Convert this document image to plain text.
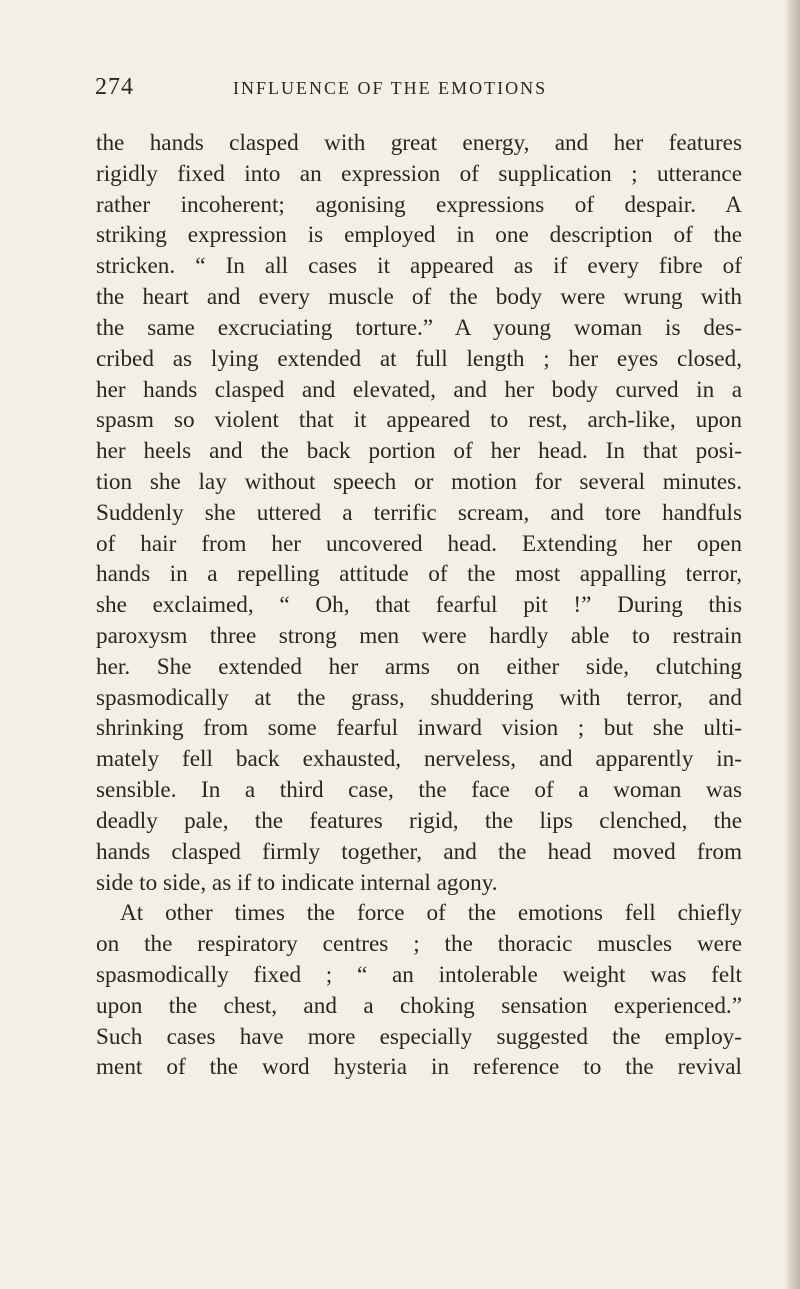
274	INFLUENCE OF THE EMOTIONS
the hands clasped with great energy, and her features
rigidly fixed into an expression of supplication ; utterance
rather incoherent; agonising expressions of despair. A
striking expression is employed in one description of the
stricken. “ In all cases it appeared as if every fibre of
the heart and every muscle of the body were wrung with
the same excruciating torture.” A young woman is des-
cribed as lying extended at full length ; her eyes closed,
her hands clasped and elevated, and her body curved in a
spasm so violent that it appeared to rest, arch-like, upon
her heels and the back portion of her head. In that posi-
tion she lay without speech or motion for several minutes.
Suddenly she uttered a terrific scream, and tore handfuls
of hair from her uncovered head. Extending her open
hands in a repelling attitude of the most appalling terror,
she exclaimed, “ Oh, that fearful pit !” During this
paroxysm three strong men were hardly able to restrain
her. She extended her arms on either side, clutching
spasmodically at the grass, shuddering with terror, and
shrinking from some fearful inward vision ; but she ulti-
mately fell back exhausted, nerveless, and apparently in-
sensible. In a third case, the face of a woman was
deadly pale, the features rigid, the lips clenched, the
hands clasped firmly together, and the head moved from
side to side, as if to indicate internal agony.
At other times the force of the emotions fell chiefly
on the respiratory centres ; the thoracic muscles were
spasmodically fixed ; “ an intolerable weight was felt
upon the chest, and a choking sensation experienced.”
Such cases have more especially suggested the employ-
ment of the word hysteria in reference to the revival
